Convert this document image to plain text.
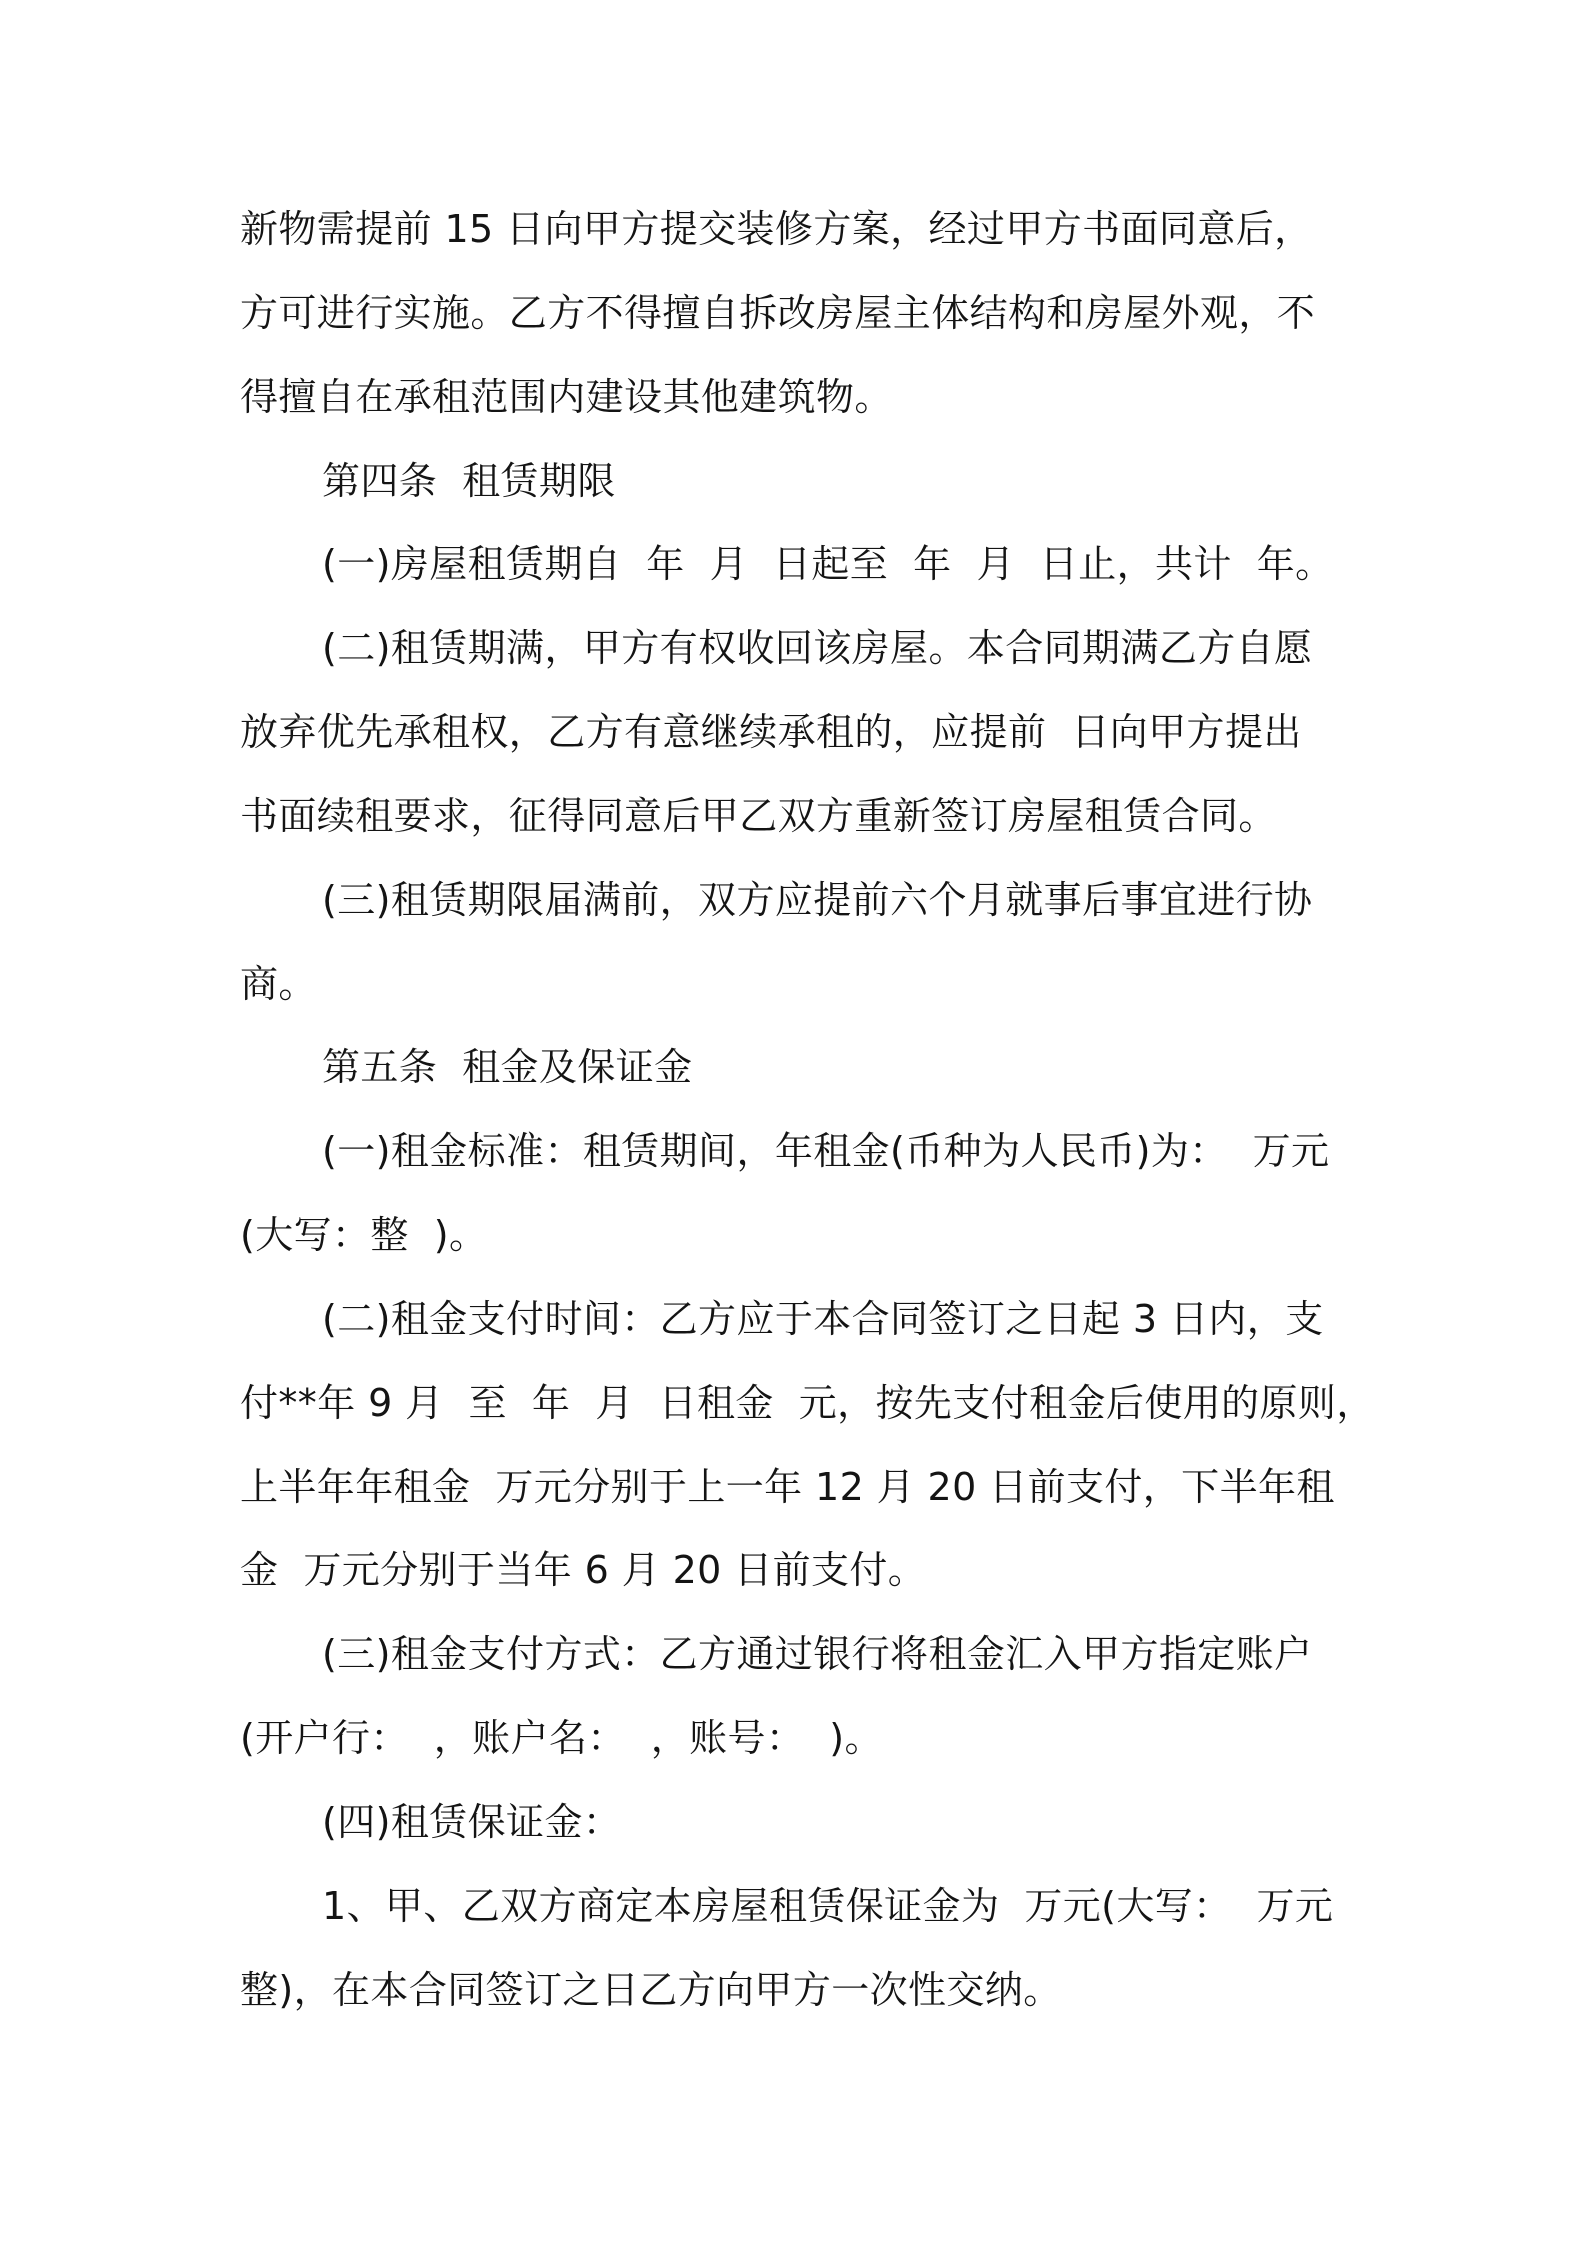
新物需提前 15 日向甲方提交装修方案，经过甲方书面同意后，

方可进行实施。乙方不得擅自拆改房屋主体结构和房屋外观，不

得擅自在承租范围内建设其他建筑物。

第四条  租赁期限

(一)房屋租赁期自  年  月  日起至  年  月  日止，共计  年。

(二)租赁期满，甲方有权收回该房屋。本合同期满乙方自愿

放弃优先承租权，乙方有意继续承租的，应提前  日向甲方提出

书面续租要求，征得同意后甲乙双方重新签订房屋租赁合同。

(三)租赁期限届满前，双方应提前六个月就事后事宜进行协

商。

第五条  租金及保证金

(一)租金标准：租赁期间，年租金(币种为人民币)为：  万元

(大写：整  )。

(二)租金支付时间：乙方应于本合同签订之日起 3 日内，支

付**年 9 月  至  年  月  日租金  元，按先支付租金后使用的原则，

上半年年租金  万元分别于上一年 12 月 20 日前支付，下半年租

金  万元分别于当年 6 月 20 日前支付。

(三)租金支付方式：乙方通过银行将租金汇入甲方指定账户

(开户行：  ，账户名：  ，账号：  )。

(四)租赁保证金：

1、甲、乙双方商定本房屋租赁保证金为  万元(大写：  万元

整)，在本合同签订之日乙方向甲方一次性交纳。
